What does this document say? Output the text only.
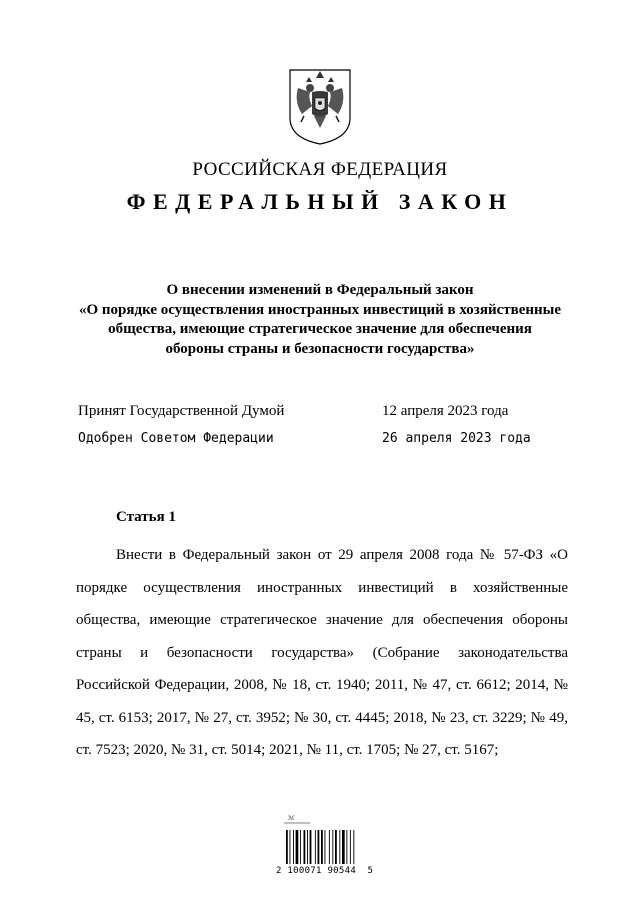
РОССИЙСКАЯ ФЕДЕРАЦИЯ
ФЕДЕРАЛЬНЫЙ ЗАКОН
О внесении изменений в Федеральный закон
«О порядке осуществления иностранных инвестиций в хозяйственные
общества, имеющие стратегическое значение для обеспечения
обороны страны и безопасности государства»
Принят Государственной Думой	12 апреля 2023 года
Одобрен Советом Федерации	26 апреля 2023 года
Статья 1
Внести в Федеральный закон от 29 апреля 2008 года № 57-ФЗ «О порядке осуществления иностранных инвестиций в хозяйственные общества, имеющие стратегическое значение для обеспечения обороны страны и безопасности государства» (Собрание законодательства Российской Федерации, 2008, № 18, ст. 1940; 2011, № 47, ст. 6612; 2014, № 45, ст. 6153; 2017, № 27, ст. 3952; № 30, ст. 4445; 2018, № 23, ст. 3229; № 49, ст. 7523; 2020, № 31, ст. 5014; 2021, № 11, ст. 1705; № 27, ст. 5167;
ℳ
2 100071 90544  5
